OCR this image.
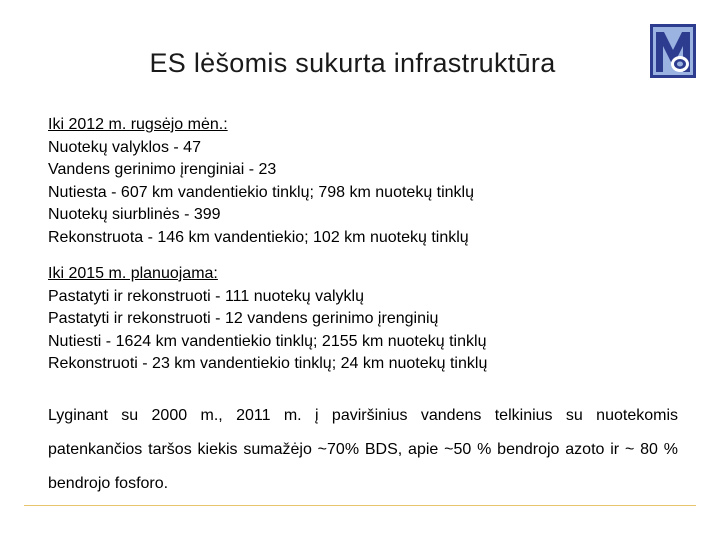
ES lėšomis sukurta infrastruktūra
Iki 2012 m. rugsėjo mėn.:
Nuotekų valyklos - 47
Vandens gerinimo įrenginiai - 23
Nutiesta - 607 km vandentiekio tinklų; 798 km nuotekų tinklų
Nuotekų siurblinės - 399
Rekonstruota - 146 km vandentiekio; 102 km nuotekų tinklų
Iki 2015 m. planuojama:
Pastatyti ir rekonstruoti - 111 nuotekų valyklų
Pastatyti ir rekonstruoti - 12 vandens gerinimo įrenginių
Nutiesti - 1624 km vandentiekio tinklų; 2155 km nuotekų tinklų
Rekonstruoti - 23 km vandentiekio tinklų; 24 km nuotekų tinklų
Lyginant su 2000 m., 2011 m. į paviršinius vandens telkinius su nuotekomis patenkančios taršos kiekis sumažėjo ~70% BDS, apie ~50 % bendrojo azoto ir ~ 80 % bendrojo fosforo.
